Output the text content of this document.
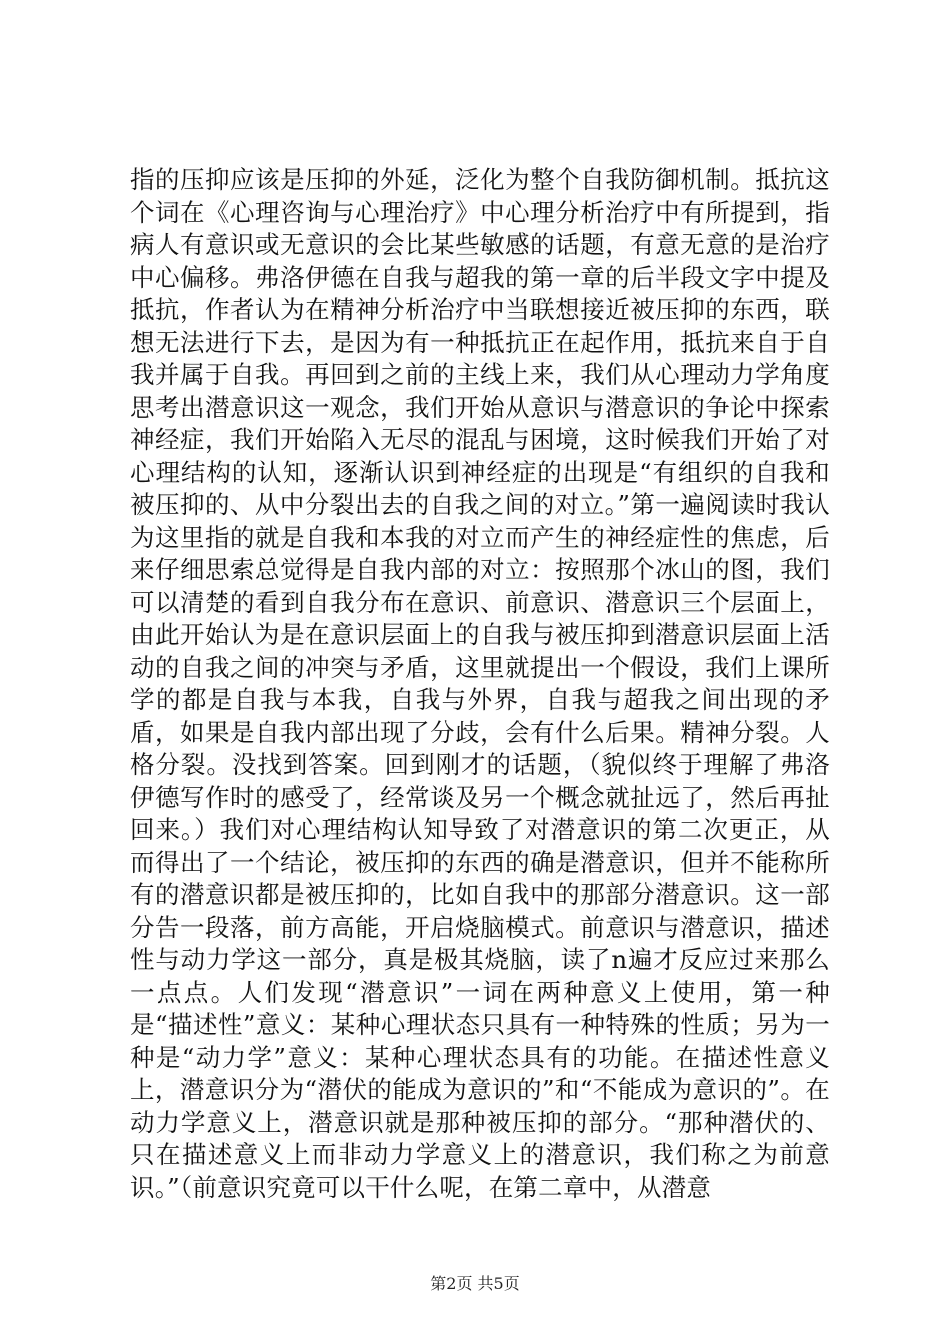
指的压抑应该是压抑的外延，泛化为整个自我防御机制。抵抗这个词在《心理咨询与心理治疗》中心理分析治疗中有所提到，指病人有意识或无意识的会比某些敏感的话题，有意无意的是治疗中心偏移。弗洛伊德在自我与超我的第一章的后半段文字中提及抵抗，作者认为在精神分析治疗中当联想接近被压抑的东西，联想无法进行下去，是因为有一种抵抗正在起作用，抵抗来自于自我并属于自我。再回到之前的主线上来，我们从心理动力学角度思考出潜意识这一观念，我们开始从意识与潜意识的争论中探索神经症，我们开始陷入无尽的混乱与困境，这时候我们开始了对心理结构的认知，逐渐认识到神经症的出现是“有组织的自我和被压抑的、从中分裂出去的自我之间的对立。”第一遍阅读时我认为这里指的就是自我和本我的对立而产生的神经症性的焦虑，后来仔细思索总觉得是自我内部的对立：按照那个冰山的图，我们可以清楚的看到自我分布在意识、前意识、潜意识三个层面上，由此开始认为是在意识层面上的自我与被压抑到潜意识层面上活动的自我之间的冲突与矛盾，这里就提出一个假设，我们上课所学的都是自我与本我，自我与外界，自我与超我之间出现的矛盾，如果是自我内部出现了分歧，会有什么后果。精神分裂。人格分裂。没找到答案。回到刚才的话题，（貌似终于理解了弗洛伊德写作时的感受了，经常谈及另一个概念就扯远了，然后再扯回来。）我们对心理结构认知导致了对潜意识的第二次更正，从而得出了一个结论，被压抑的东西的确是潜意识，但并不能称所有的潜意识都是被压抑的，比如自我中的那部分潜意识。这一部分告一段落，前方高能，开启烧脑模式。前意识与潜意识，描述性与动力学这一部分，真是极其烧脑，读了n遍才反应过来那么一点点。人们发现“潜意识”一词在两种意义上使用，第一种是“描述性”意义：某种心理状态只具有一种特殊的性质；另为一种是“动力学”意义：某种心理状态具有的功能。在描述性意义上，潜意识分为“潜伏的能成为意识的”和“不能成为意识的”。在动力学意义上，潜意识就是那种被压抑的部分。“那种潜伏的、只在描述意义上而非动力学意义上的潜意识，我们称之为前意识。”（前意识究竟可以干什么呢，在第二章中，从潜意

第2页 共5页
